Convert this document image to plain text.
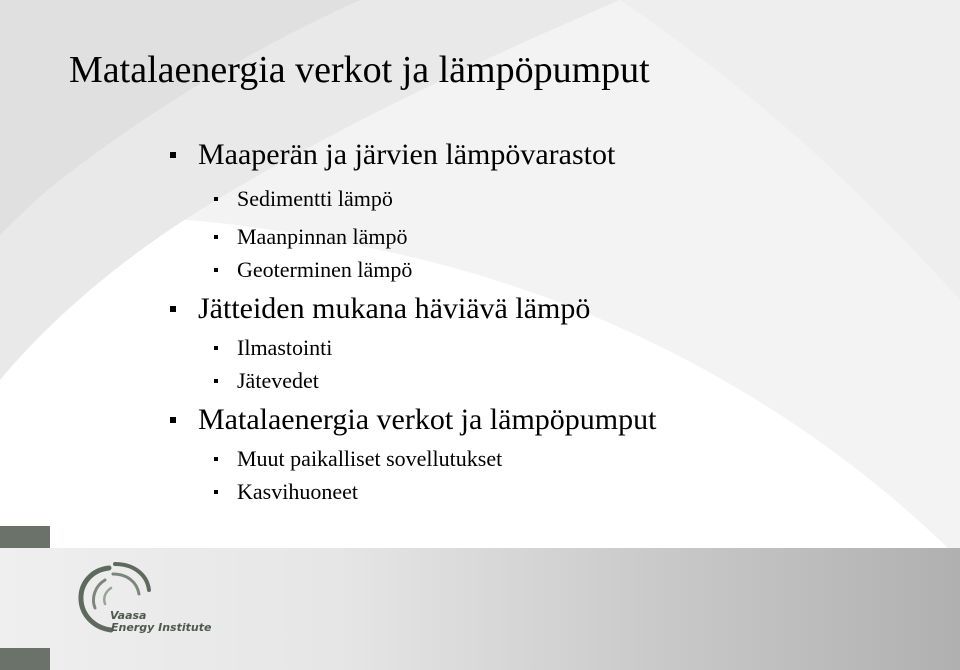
Matalaenergia verkot ja lämpöpumput
Maaperän ja järvien lämpövarastot
Sedimentti lämpö
Maanpinnan lämpö
Geoterminen lämpö
Jätteiden mukana häviävä lämpö
Ilmastointi
Jätevedet
Matalaenergia verkot ja lämpöpumput
Muut paikalliset sovellutukset
Kasvihuoneet
Vaasa
Energy Institute
